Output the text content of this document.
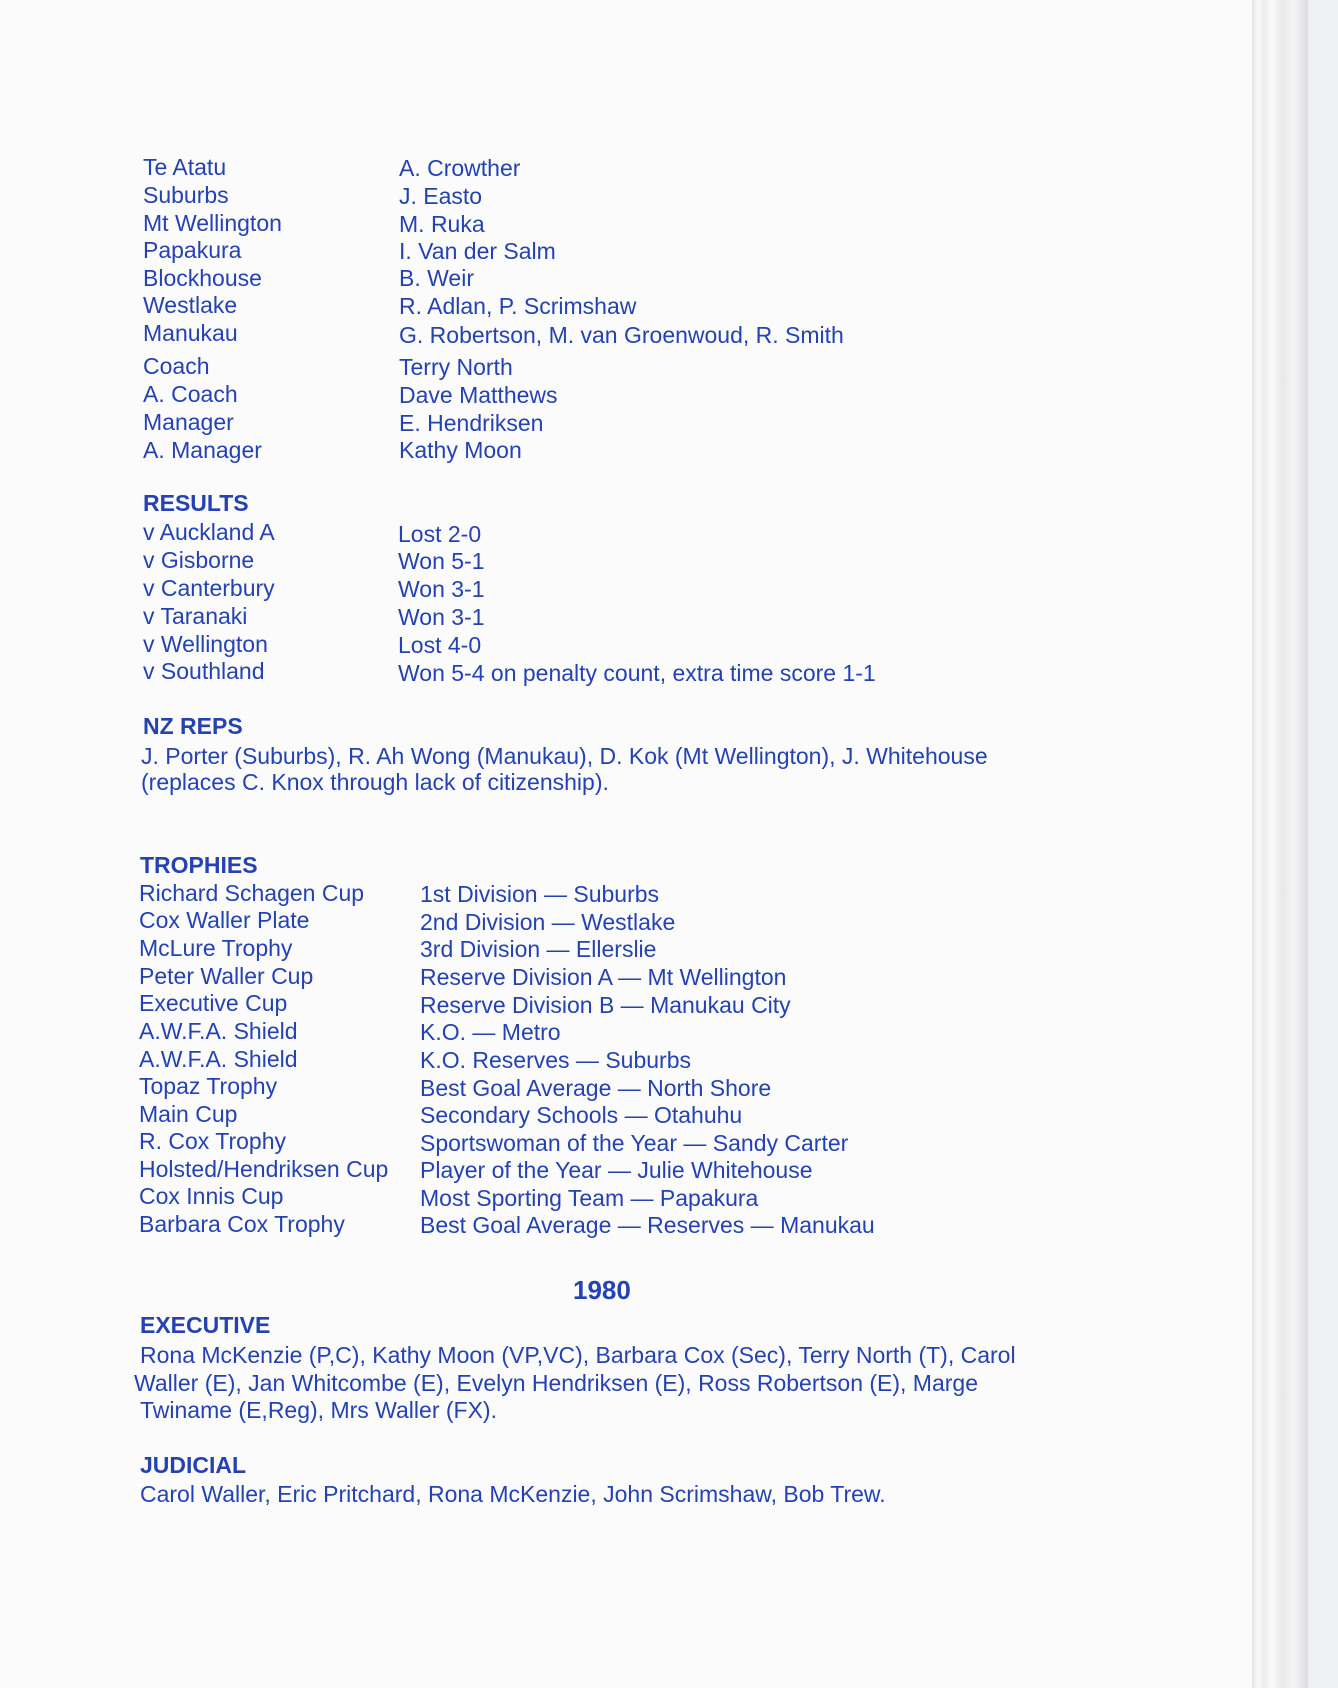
Te Atatu	A. Crowther
Suburbs	J. Easto
Mt Wellington	M. Ruka
Papakura	I. Van der Salm
Blockhouse	B. Weir
Westlake	R. Adlan, P. Scrimshaw
Manukau	G. Robertson, M. van Groenwoud, R. Smith
Coach	Terry North
A. Coach	Dave Matthews
Manager	E. Hendriksen
A. Manager	Kathy Moon
RESULTS
v Auckland A	Lost 2-0
v Gisborne	Won 5-1
v Canterbury	Won 3-1
v Taranaki	Won 3-1
v Wellington	Lost 4-0
v Southland	Won 5-4 on penalty count, extra time score 1-1
NZ REPS
J. Porter (Suburbs), R. Ah Wong (Manukau), D. Kok (Mt Wellington), J. Whitehouse
(replaces C. Knox through lack of citizenship).
TROPHIES
Richard Schagen Cup 1st Division — Suburbs
Cox Waller Plate	2nd Division — Westlake
McLure Trophy	3rd Division — Ellerslie
Peter Waller Cup	Reserve Division A — Mt Wellington
Executive Cup	Reserve Division B — Manukau City
A.W.F.A. Shield	K.O. — Metro
A.W.F.A. Shield	K.O. Reserves — Suburbs
Topaz Trophy	Best Goal Average — North Shore
Main Cup	Secondary Schools — Otahuhu
R. Cox Trophy	Sportswoman of the Year — Sandy Carter
Holsted/Hendriksen Cup Player of the Year — Julie Whitehouse
Cox Innis Cup	Most Sporting Team — Papakura
Barbara Cox Trophy	Best Goal Average — Reserves — Manukau
1980
EXECUTIVE
Rona McKenzie (P,C), Kathy Moon (VP,VC), Barbara Cox (Sec), Terry North (T), Carol
Waller (E), Jan Whitcombe (E), Evelyn Hendriksen (E), Ross Robertson (E), Marge
Twiname (E,Reg), Mrs Waller (FX).
JUDICIAL
Carol Waller, Eric Pritchard, Rona McKenzie, John Scrimshaw, Bob Trew.
